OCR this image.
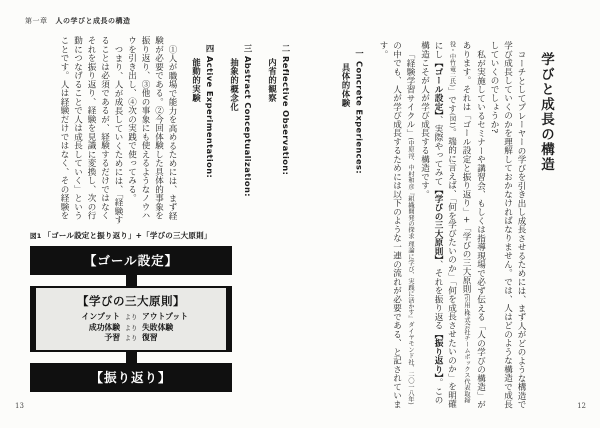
第一章 人の学びと成長の構造
学びと成長の構造

コーチとしてプレーヤーの学びを引き出し成長させるためには、まず人がどのような構造で学び成長していくのかを理解しておかなければなりません。では、人はどのような構造で成長していくのでしょうか?

私が実施しているセミナーや講習会、もしくは指導現場で必ず伝える「人の学びの構造」があります。それは「ゴール設定と振り返り」+「学びの三大原則(引用:株式会社チームボックス代表取締役・中竹竜二氏)」です(図1)。端的に言えば、「何を学びたいのか」「何を成長させたいのか」を明確にし【ゴール設定】、実際やってみて【学びの三大原則】、それを振り返る【振り返り】。この構造こそが人が学び成長する構造です。

「経験学習サイクル」(中原淳、中村和彦『組織開発の探求 理論に学び、実践に活かす』ダイヤモンド社、二〇一八年)の中でも、人が学び成長するためには以下のような一連の流れが必要である、と記されています。

一 Concrete Experiences:

具体的体験

二 Reflective Observation:

内省的観察

三 Abstract Conceptualization:

抽象的概念化

四 Active Experimentation:

能動的実験

①人が職場で能力を高めるためには、まず経験が必要である。②今回体験した具体的事象を振り返り、③他の事象にも使えるようなノウハウを引き出し、④次の実践で使ってみる。

つまり、人が成長していくためには、「経験することは必須であるが、経験するだけではなくそれを振り返り、経験を見識に変換し、次の行動につなげることで人は成長していく」ということです。人は経験だけではなく、その経験を

図1 「ゴール設定と振り返り」+「学びの三大原則」
【ゴール設定】

【学びの三大原則】

インプット より アウトプット
成功体験 より 失敗体験
予習 より 復習
【振り返り】
13	12
